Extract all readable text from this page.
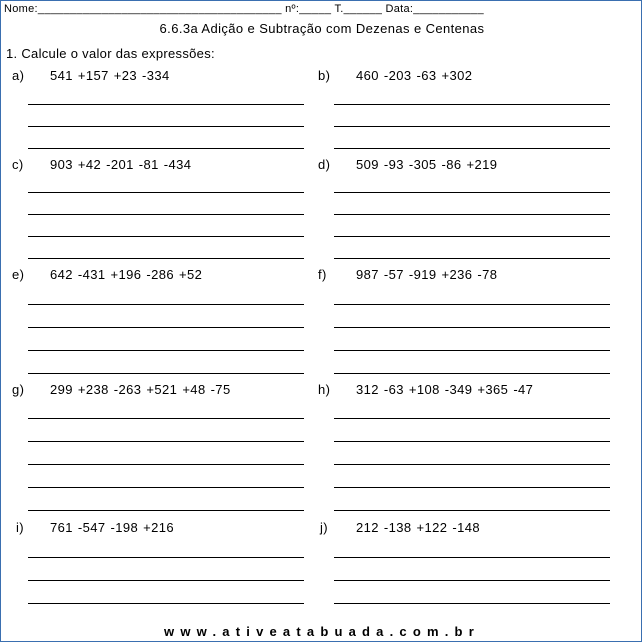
Nome:______________________________________ nº:_____ T.______ Data:___________
6.6.3a Adição e Subtração com Dezenas e Centenas
1. Calcule o valor das expressões:
a) 541 +157 +23 -334	b) 460 -203 -63 +302
c) 903 +42 -201 -81 -434	d) 509 -93 -305 -86 +219
e) 642 -431 +196 -286 +52	f) 987 -57 -919 +236 -78
g) 299 +238 -263 +521 +48 -75	h) 312 -63 +108 -349 +365 -47
i) 761 -547 -198 +216	j) 212 -138 +122 -148
www.ativeatabuada.com.br
